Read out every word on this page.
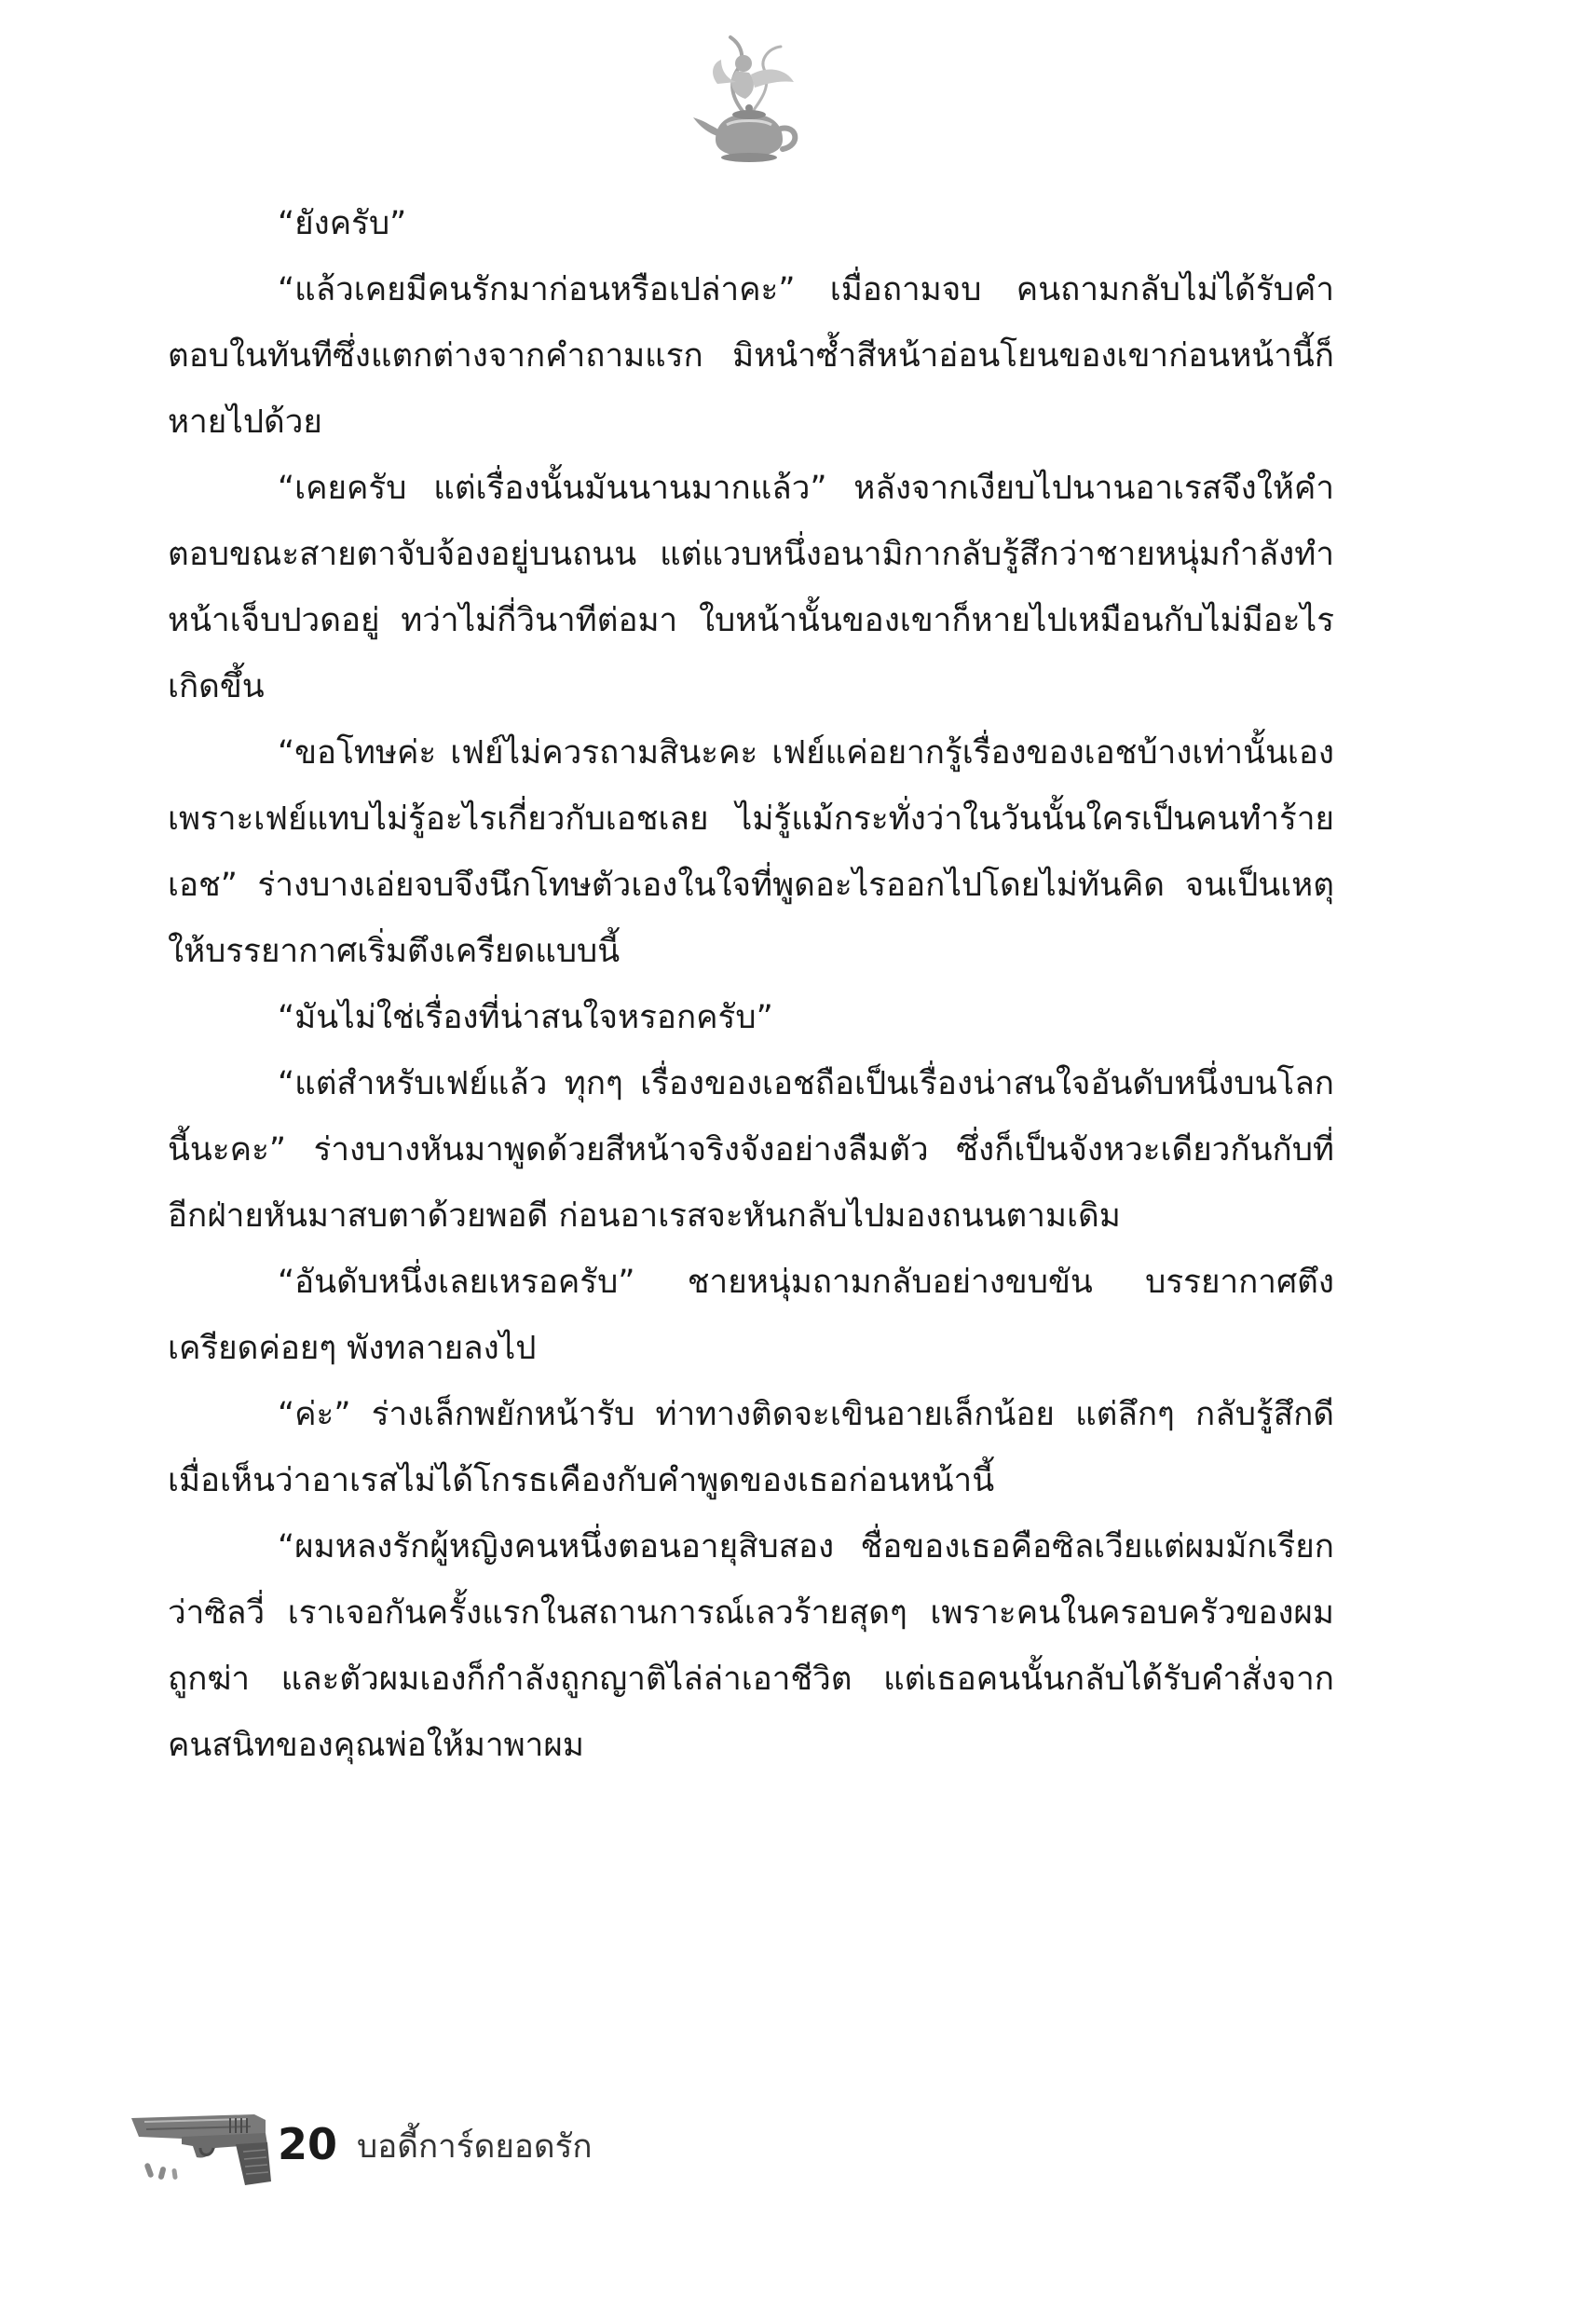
“ยังครับ”

“แล้วเคยมีคนรักมาก่อนหรือเปล่าคะ” เมื่อถามจบ คนถามกลับไม่ได้รับคำตอบในทันทีซึ่งแตกต่างจากคำถามแรก มิหนำซ้ำสีหน้าอ่อนโยนของเขาก่อนหน้านี้ก็หายไปด้วย

“เคยครับ แต่เรื่องนั้นมันนานมากแล้ว” หลังจากเงียบไปนานอาเรสจึงให้คำตอบขณะสายตาจับจ้องอยู่บนถนน แต่แวบหนึ่งอนามิกากลับรู้สึกว่าชายหนุ่มกำลังทำหน้าเจ็บปวดอยู่ ทว่าไม่กี่วินาทีต่อมา ใบหน้านั้นของเขาก็หายไปเหมือนกับไม่มีอะไรเกิดขึ้น

“ขอโทษค่ะ เฟย์ไม่ควรถามสินะคะ เฟย์แค่อยากรู้เรื่องของเอชบ้างเท่านั้นเอง เพราะเฟย์แทบไม่รู้อะไรเกี่ยวกับเอชเลย ไม่รู้แม้กระทั่งว่าในวันนั้นใครเป็นคนทำร้ายเอช” ร่างบางเอ่ยจบจึงนึกโทษตัวเองในใจที่พูดอะไรออกไปโดยไม่ทันคิด จนเป็นเหตุให้บรรยากาศเริ่มตึงเครียดแบบนี้

“มันไม่ใช่เรื่องที่น่าสนใจหรอกครับ”

“แต่สำหรับเฟย์แล้ว ทุกๆ เรื่องของเอชถือเป็นเรื่องน่าสนใจอันดับหนึ่งบนโลกนี้นะคะ” ร่างบางหันมาพูดด้วยสีหน้าจริงจังอย่างลืมตัว ซึ่งก็เป็นจังหวะเดียวกันกับที่อีกฝ่ายหันมาสบตาด้วยพอดี ก่อนอาเรสจะหันกลับไปมองถนนตามเดิม

“อันดับหนึ่งเลยเหรอครับ” ชายหนุ่มถามกลับอย่างขบขัน บรรยากาศตึงเครียดค่อยๆ พังทลายลงไป

“ค่ะ” ร่างเล็กพยักหน้ารับ ท่าทางติดจะเขินอายเล็กน้อย แต่ลึกๆ กลับรู้สึกดีเมื่อเห็นว่าอาเรสไม่ได้โกรธเคืองกับคำพูดของเธอก่อนหน้านี้

“ผมหลงรักผู้หญิงคนหนึ่งตอนอายุสิบสอง ชื่อของเธอคือซิลเวียแต่ผมมักเรียกว่าซิลวี่ เราเจอกันครั้งแรกในสถานการณ์เลวร้ายสุดๆ เพราะคนในครอบครัวของผมถูกฆ่า และตัวผมเองก็กำลังถูกญาติไล่ล่าเอาชีวิต แต่เธอคนนั้นกลับได้รับคำสั่งจากคนสนิทของคุณพ่อให้มาพาผม

20 บอดี้การ์ดยอดรัก
